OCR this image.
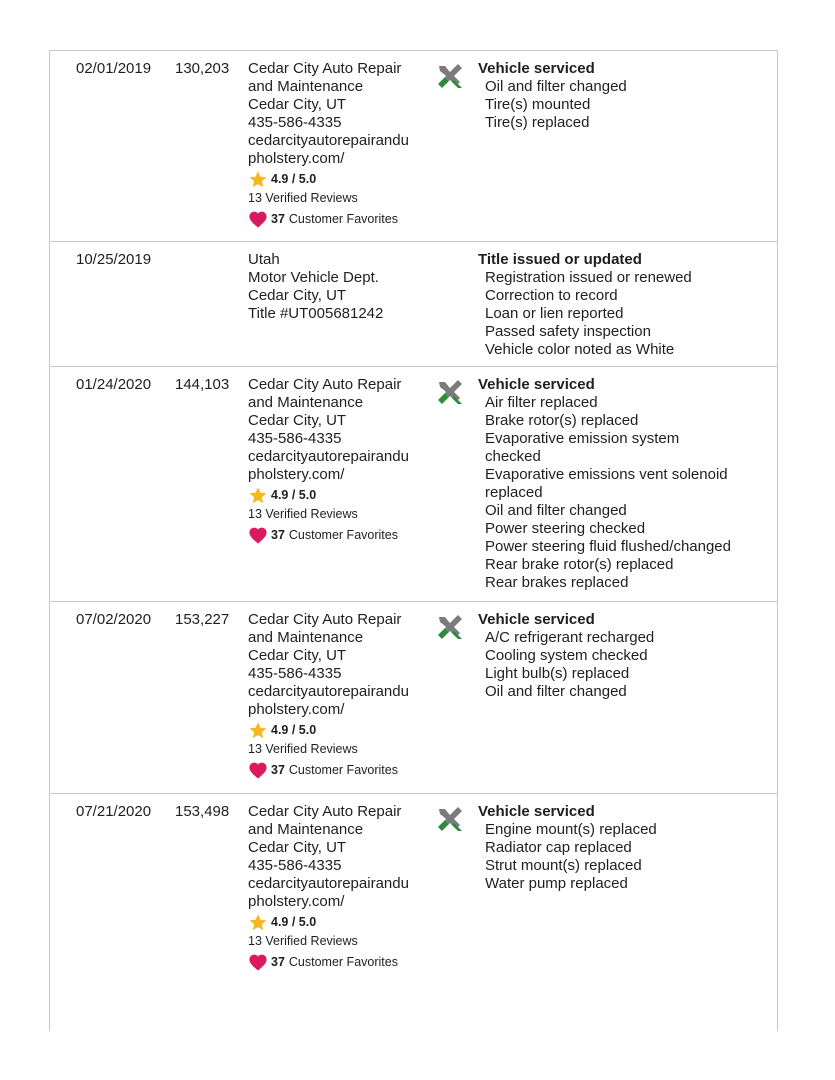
02/01/2019 130,203 Cedar City Auto Repair
and Maintenance
Cedar City, UT
435-586-4335
cedarcityautorepairandu
pholstery.com/
4.9 / 5.0
13 Verified Reviews
37 Customer Favorites
Vehicle serviced
Oil and filter changed
Tire(s) mounted
Tire(s) replaced
10/25/2019	Utah
Motor Vehicle Dept.
Cedar City, UT
Title #UT005681242
Title issued or updated
Registration issued or renewed
Correction to record
Loan or lien reported
Passed safety inspection
Vehicle color noted as White
01/24/2020 144,103 Cedar City Auto Repair
and Maintenance
Cedar City, UT
435-586-4335
cedarcityautorepairandu
pholstery.com/
4.9 / 5.0
13 Verified Reviews
37 Customer Favorites
Vehicle serviced
Air filter replaced
Brake rotor(s) replaced
Evaporative emission system
checked
Evaporative emissions vent solenoid
replaced
Oil and filter changed
Power steering checked
Power steering fluid flushed/changed
Rear brake rotor(s) replaced
Rear brakes replaced
07/02/2020 153,227 Cedar City Auto Repair
and Maintenance
Cedar City, UT
435-586-4335
cedarcityautorepairandu
pholstery.com/
4.9 / 5.0
13 Verified Reviews
37 Customer Favorites
Vehicle serviced
A/C refrigerant recharged
Cooling system checked
Light bulb(s) replaced
Oil and filter changed
07/21/2020 153,498 Cedar City Auto Repair
and Maintenance
Cedar City, UT
435-586-4335
cedarcityautorepairandu
pholstery.com/
4.9 / 5.0
13 Verified Reviews
37 Customer Favorites
Vehicle serviced
Engine mount(s) replaced
Radiator cap replaced
Strut mount(s) replaced
Water pump replaced
